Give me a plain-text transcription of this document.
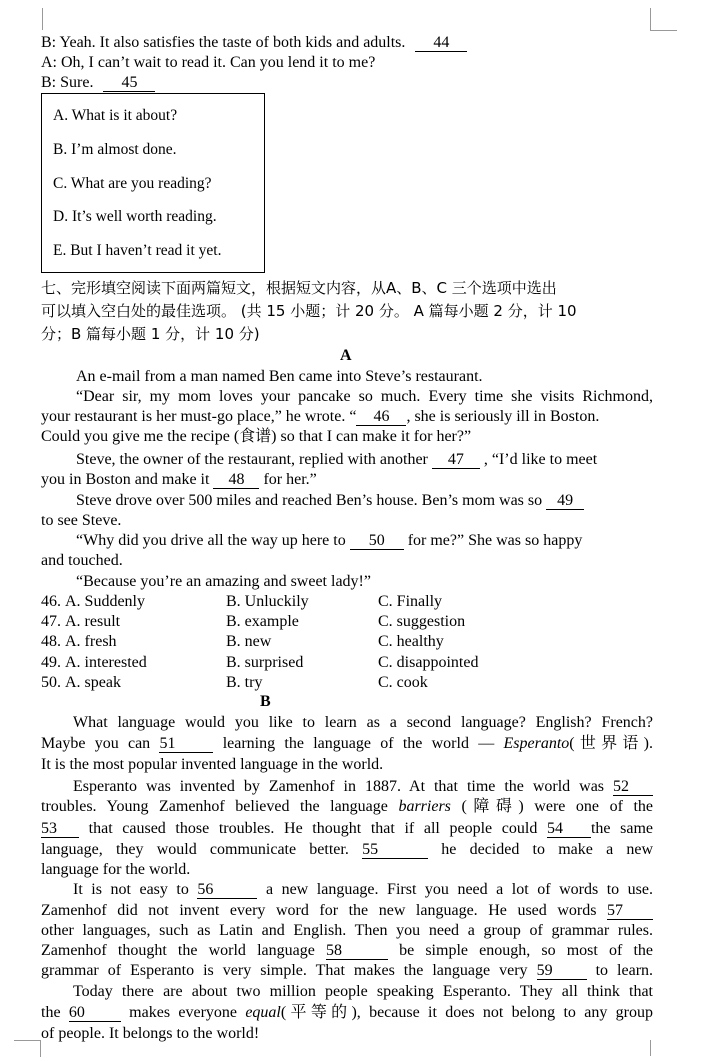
B: Yeah. It also satisfies the taste of both kids and adults. 44
A: Oh, I can’t wait to read it. Can you lend it to me?
B: Sure. 45
A. What is it about?
B. I’m almost done.
C. What are you reading?
D. It’s well worth reading.
E. But I haven’t read it yet.
七、完形填空阅读下面两篇短文，根据短文内容，从A、B、C 三个选项中选出
可以填入空白处的最佳选项。 (共 15 小题；计 20 分。 A 篇每小题 2 分，计 10
分；B 篇每小题 1 分，计 10 分)
A
An e-mail from a man named Ben came into Steve’s restaurant.
“Dear sir, my mom loves your pancake so much. Every time she visits Richmond,
your restaurant is her must-go place,” he wrote. “ 46 , she is seriously ill in Boston.
Could you give me the recipe (食谱) so that I can make it for her?”
Steve, the owner of the restaurant, replied with another 47 , “I’d like to meet
you in Boston and make it 48 for her.”
Steve drove over 500 miles and reached Ben’s house. Ben’s mom was so 49
to see Steve.
“Why did you drive all the way up here to 50 for me?” She was so happy
and touched.
“Because you’re an amazing and sweet lady!”
46. A. Suddenly	B. Unluckily	C. Finally
47. A. result	B. example	C. suggestion
48. A. fresh	B. new	C. healthy
49. A. interested	B. surprised	C. disappointed
50. A. speak	B. try	C. cook
B
What language would you like to learn as a second language? English? French?
Maybe you can 51	learning the language of the world — Esperanto(世界语).
It is the most popular invented language in the world.
Esperanto was invented by Zamenhof in 1887. At that time the world was 52
troubles. Young Zamenhof believed the language barriers (障碍) were one of the
53 that caused those troubles. He thought that if all people could 54 the same
language, they would communicate better. 55	he decided to make a new
language for the world.
It is not easy to 56	a new language. First you need a lot of words to use.
Zamenhof did not invent every word for the new language. He used words 57
other languages, such as Latin and English. Then you need a group of grammar rules.
Zamenhof thought the world language 58	be simple enough, so most of the
grammar of Esperanto is very simple. That makes the language very 59	to learn.
Today there are about two million people speaking Esperanto. They all think that
the 60	makes everyone equal(平等的), because it does not belong to any group
of people. It belongs to the world!
